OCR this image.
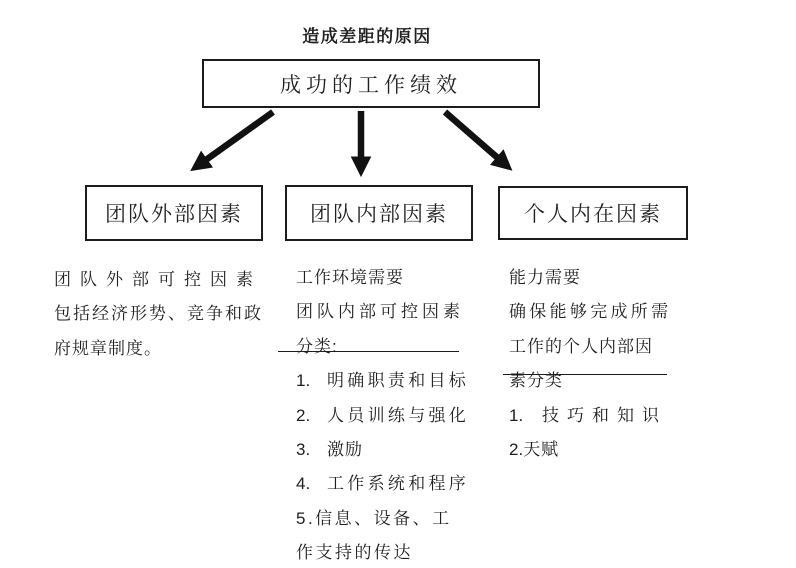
造成差距的原因
成功的工作绩效
团队外部因素	团队内部因素	个人内在因素
团队外部可控因素
包括经济形势、竞争和政
府规章制度。
工作环境需要
团队内部可控因素
分类:
1. 明确职责和目标
2. 人员训练与强化
3. 激励
4. 工作系统和程序
5.信息、设备、工
作支持的传达
能力需要
确保能够完成所需
工作的个人内部因
素分类
1.	技巧和知识
2. 天赋
